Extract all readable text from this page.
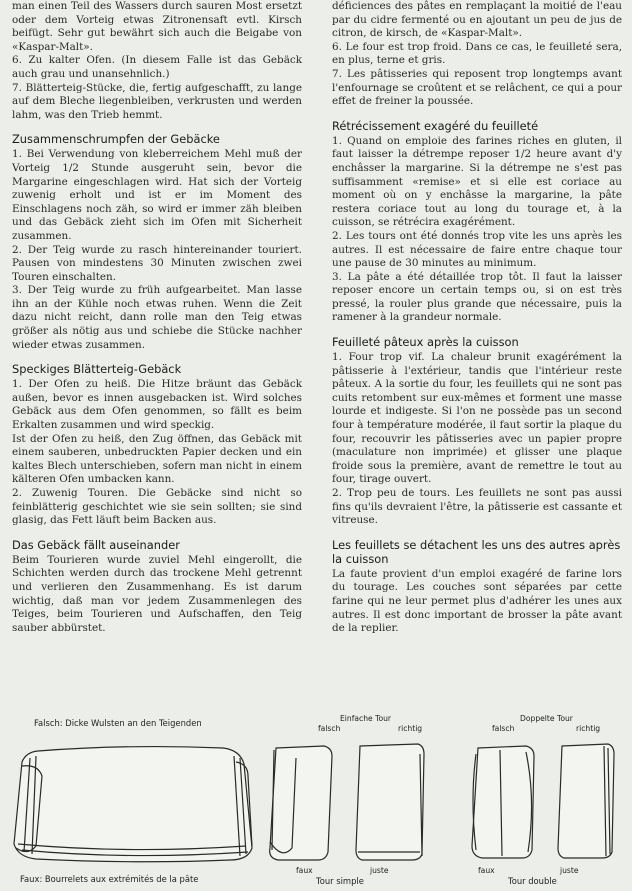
man einen Teil des Wassers durch sauren Most ersetzt oder dem Vorteig etwas Zitronensaft evtl. Kirsch beifügt. Sehr gut bewährt sich auch die Beigabe von «Kaspar-Malt».

6. Zu kalter Ofen. (In diesem Falle ist das Gebäck auch grau und unansehnlich.)

7. Blätterteig-Stücke, die, fertig aufgeschafft, zu lange auf dem Bleche liegenbleiben, verkrusten und werden lahm, was den Trieb hemmt.

Zusammenschrumpfen der Gebäcke

1. Bei Verwendung von kleberreichem Mehl muß der Vorteig 1/2 Stunde ausgeruht sein, bevor die Margarine eingeschlagen wird. Hat sich der Vorteig zuwenig erholt und ist er im Moment des Einschlagens noch zäh, so wird er immer zäh bleiben und das Gebäck zieht sich im Ofen mit Sicherheit zusammen.

2. Der Teig wurde zu rasch hintereinander touriert. Pausen von mindestens 30 Minuten zwischen zwei Touren einschalten.

3. Der Teig wurde zu früh aufgearbeitet. Man lasse ihn an der Kühle noch etwas ruhen. Wenn die Zeit dazu nicht reicht, dann rolle man den Teig etwas größer als nötig aus und schiebe die Stücke nachher wieder etwas zusammen.

Speckiges Blätterteig-Gebäck

1. Der Ofen zu heiß. Die Hitze bräunt das Gebäck außen, bevor es innen ausgebacken ist. Wird solches Gebäck aus dem Ofen genommen, so fällt es beim Erkalten zusammen und wird speckig.

Ist der Ofen zu heiß, den Zug öffnen, das Gebäck mit einem sauberen, unbedruckten Papier decken und ein kaltes Blech unterschieben, sofern man nicht in einem kälteren Ofen umbacken kann.

2. Zuwenig Touren. Die Gebäcke sind nicht so feinblätterig geschichtet wie sie sein sollten; sie sind glasig, das Fett läuft beim Backen aus.

Das Gebäck fällt auseinander

Beim Tourieren wurde zuviel Mehl eingerollt, die Schichten werden durch das trockene Mehl getrennt und verlieren den Zusammenhang. Es ist darum wichtig, daß man vor jedem Zusammenlegen des Teiges, beim Tourieren und Aufschaffen, den Teig sauber abbürstet.

déficiences des pâtes en remplaçant la moitié de l'eau par du cidre fermenté ou en ajoutant un peu de jus de citron, de kirsch, de «Kaspar-Malt».

6. Le four est trop froid. Dans ce cas, le feuilleté sera, en plus, terne et gris.

7. Les pâtisseries qui reposent trop longtemps avant l'enfournage se croûtent et se relâchent, ce qui a pour effet de freiner la poussée.

Rétrécissement exagéré du feuilleté

1. Quand on emploie des farines riches en gluten, il faut laisser la détrempe reposer 1/2 heure avant d'y enchâsser la margarine. Si la détrempe ne s'est pas suffisamment «remise» et si elle est coriace au moment où on y enchâsse la margarine, la pâte restera coriace tout au long du tourage et, à la cuisson, se rétrécira exagérément.

2. Les tours ont été donnés trop vite les uns après les autres. Il est nécessaire de faire entre chaque tour une pause de 30 minutes au minimum.

3. La pâte a été détaillée trop tôt. Il faut la laisser reposer encore un certain temps ou, si on est très pressé, la rouler plus grande que nécessaire, puis la ramener à la grandeur normale.

Feuilleté pâteux après la cuisson

1. Four trop vif. La chaleur brunit exagérément la pâtisserie à l'extérieur, tandis que l'intérieur reste pâteux. A la sortie du four, les feuillets qui ne sont pas cuits retombent sur eux-mêmes et forment une masse lourde et indigeste. Si l'on ne possède pas un second four à température modérée, il faut sortir la plaque du four, recouvrir les pâtisseries avec un papier propre (maculature non imprimée) et glisser une plaque froide sous la première, avant de remettre le tout au four, tirage ouvert.

2. Trop peu de tours. Les feuillets ne sont pas aussi fins qu'ils devraient l'être, la pâtisserie est cassante et vitreuse.

Les feuillets se détachent les uns des autres après la cuisson

La faute provient d'un emploi exagéré de farine lors du tourage. Les couches sont séparées par cette farine qui ne leur permet plus d'adhérer les unes aux autres. Il est donc important de brosser la pâte avant de la replier.

Falsch: Dicke Wulsten an den Teigenden
Faux: Bourrelets aux extrémités de la pâte
Einfache Tour
falsch	richtig
faux	juste
Tour simple
Doppelte Tour
falsch	richtig
faux	juste
Tour double
